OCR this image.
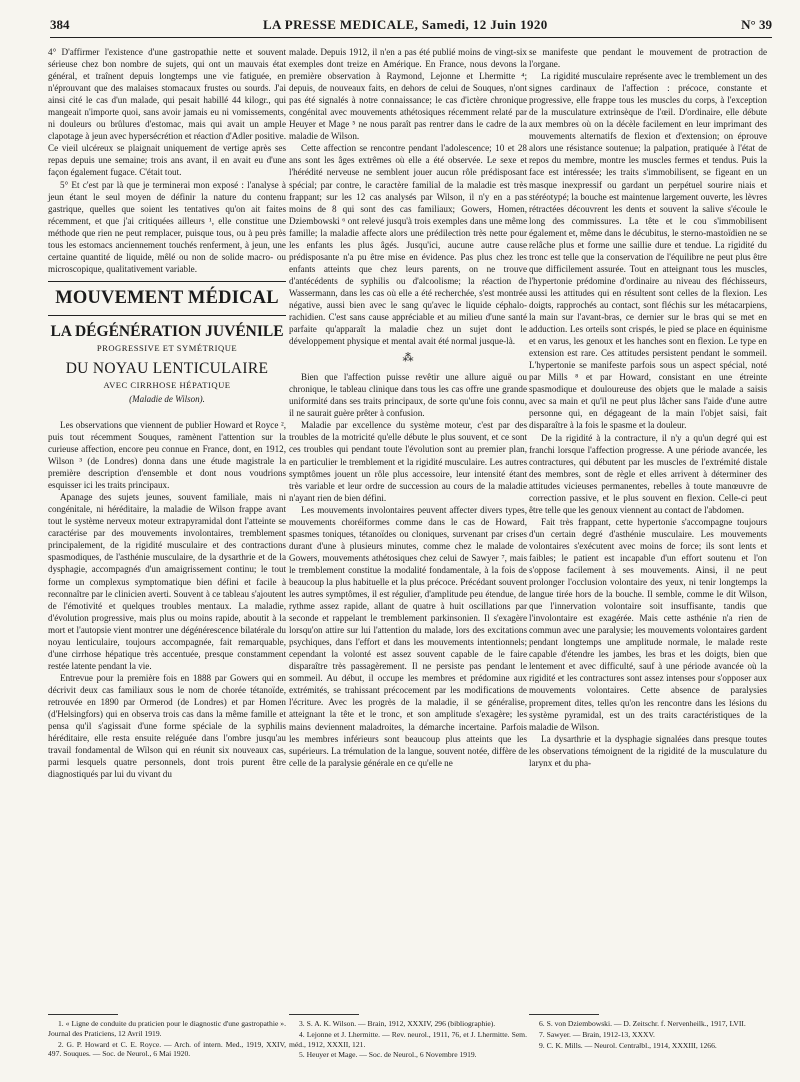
384	LA PRESSE MEDICALE, Samedi, 12 Juin 1920	N° 39

4° D'affirmer l'existence d'une gastropathie nette et souvent sérieuse chez bon nombre de sujets, qui ont un mauvais état général, et traînent depuis longtemps une vie fatiguée, en n'éprouvant que des malaises stomacaux frustes ou sourds. J'ai ainsi cité le cas d'un malade, qui pesait habillé 44 kilogr., qui mangeait n'importe quoi, sans avoir jamais eu ni vomissements, ni douleurs ou brûlures d'estomac, mais qui avait un ample clapotage à jeun avec hypersécrétion et réaction d'Adler positive. Ce vieil ulcéreux se plaignait uniquement de vertige après ses repas depuis une semaine; trois ans avant, il en avait eu d'une façon également fugace. C'était tout.

5° Et c'est par là que je terminerai mon exposé : l'analyse à jeun étant le seul moyen de définir la nature du contenu gastrique, quelles que soient les tentatives qu'on ait faites récemment, et que j'ai critiquées ailleurs ¹, elle constitue une méthode que rien ne peut remplacer, puisque tous, ou à peu près tous les estomacs anciennement touchés renferment, à jeun, une certaine quantité de liquide, mêlé ou non de solide macro- ou microscopique, qualitativement variable.

MOUVEMENT MÉDICAL
LA DÉGÉNÉRATION JUVÉNILE
PROGRESSIVE ET SYMÉTRIQUE
DU NOYAU LENTICULAIRE
AVEC CIRRHOSE HÉPATIQUE
(Maladie de Wilson).

Les observations que viennent de publier Howard et Royce ², puis tout récemment Souques, ramènent l'attention sur la curieuse affection, encore peu connue en France, dont, en 1912, Wilson ³ (de Londres) donna dans une étude magistrale la première description d'ensemble et dont nous voudrions esquisser ici les traits principaux.

Apanage des sujets jeunes, souvent familiale, mais ni congénitale, ni héréditaire, la maladie de Wilson frappe avant tout le système nerveux moteur extrapyramidal dont l'atteinte se caractérise par des mouvements involontaires, tremblement principalement, de la rigidité musculaire et des contractions spasmodiques, de l'asthénie musculaire, de la dysarthrie et de la dysphagie, accompagnés d'un amaigrissement continu; le tout forme un complexus symptomatique bien défini et facile à reconnaître par le clinicien averti. Souvent à ce tableau s'ajoutent de l'émotivité et quelques troubles mentaux. La maladie, d'évolution progressive, mais plus ou moins rapide, aboutit à la mort et l'autopsie vient montrer une dégénérescence bilatérale du noyau lenticulaire, toujours accompagnée, fait remarquable, d'une cirrhose hépatique très accentuée, presque constamment restée latente pendant la vie.

Entrevue pour la première fois en 1888 par Gowers qui en décrivit deux cas familiaux sous le nom de chorée tétanoïde, retrouvée en 1890 par Ormerod (de Londres) et par Homen (d'Helsingfors) qui en observa trois cas dans la même famille et pensa qu'il s'agissait d'une forme spéciale de la syphilis héréditaire, elle resta ensuite reléguée dans l'ombre jusqu'au travail fondamental de Wilson qui en réunit six nouveaux cas, parmi lesquels quatre personnels, dont trois purent être diagnostiqués par lui du vivant du

malade. Depuis 1912, il n'en a pas été publié moins de vingt-six exemples dont treize en Amérique. En France, nous devons la première observation à Raymond, Lejonne et Lhermitte ⁴; depuis, de nouveaux faits, en dehors de celui de Souques, n'ont pas été signalés à notre connaissance; le cas d'ictère chronique congénital avec mouvements athétosiques récemment relaté par Heuyer et Mage ⁵ ne nous paraît pas rentrer dans le cadre de la maladie de Wilson.

Cette affection se rencontre pendant l'adolescence; 10 et 28 ans sont les âges extrêmes où elle a été observée. Le sexe et l'hérédité nerveuse ne semblent jouer aucun rôle prédisposant spécial; par contre, le caractère familial de la maladie est très frappant; sur les 12 cas analysés par Wilson, il n'y en a pas moins de 8 qui sont des cas familiaux; Gowers, Homen, Dziembowski ⁶ ont relevé jusqu'à trois exemples dans une même famille; la maladie affecte alors une prédilection très nette pour les enfants les plus âgés. Jusqu'ici, aucune autre cause prédisposante n'a pu être mise en évidence. Pas plus chez les enfants atteints que chez leurs parents, on ne trouve d'antécédents de syphilis ou d'alcoolisme; la réaction de Wassermann, dans les cas où elle a été recherchée, s'est montrée négative, aussi bien avec le sang qu'avec le liquide céphalo-rachidien. C'est sans cause appréciable et au milieu d'une santé parfaite qu'apparaît la maladie chez un sujet dont le développement physique et mental avait été normal jusque-là.

⁂

Bien que l'affection puisse revêtir une allure aiguë ou chronique, le tableau clinique dans tous les cas offre une grande uniformité dans ses traits principaux, de sorte qu'une fois connu, il ne saurait guère prêter à confusion.

Maladie par excellence du système moteur, c'est par des troubles de la motricité qu'elle débute le plus souvent, et ce sont ces troubles qui pendant toute l'évolution sont au premier plan, en particulier le tremblement et la rigidité musculaire. Les autres symptômes jouent un rôle plus accessoire, leur intensité étant très variable et leur ordre de succession au cours de la maladie n'ayant rien de bien défini.

Les mouvements involontaires peuvent affecter divers types, mouvements choréiformes comme dans le cas de Howard, spasmes toniques, tétanoïdes ou cloniques, survenant par crises durant d'une à plusieurs minutes, comme chez le malade de Gowers, mouvements athétosiques chez celui de Sawyer ⁷, mais le tremblement constitue la modalité fondamentale, à la fois de beaucoup la plus habituelle et la plus précoce. Précédant souvent les autres symptômes, il est régulier, d'amplitude peu étendue, de rythme assez rapide, allant de quatre à huit oscillations par seconde et rappelant le tremblement parkinsonien. Il s'exagère lorsqu'on attire sur lui l'attention du malade, lors des excitations psychiques, dans l'effort et dans les mouvements intentionnels; cependant la volonté est assez souvent capable de le faire disparaître très passagèrement. Il ne persiste pas pendant le sommeil. Au début, il occupe les membres et prédomine aux extrémités, se trahissant précocement par les modifications de l'écriture. Avec les progrès de la maladie, il se généralise, atteignant la tête et le tronc, et son amplitude s'exagère; les mains deviennent maladroites, la démarche incertaine. Parfois les membres inférieurs sont beaucoup plus atteints que les supérieurs. La trémulation de la langue, souvent notée, diffère de celle de la paralysie générale en ce qu'elle ne

se manifeste que pendant le mouvement de protraction de l'organe.

La rigidité musculaire représente avec le tremblement un des signes cardinaux de l'affection : précoce, constante et progressive, elle frappe tous les muscles du corps, à l'exception de la musculature extrinsèque de l'œil. D'ordinaire, elle débute aux membres où on la décèle facilement en leur imprimant des mouvements alternatifs de flexion et d'extension; on éprouve alors une résistance soutenue; la palpation, pratiquée à l'état de repos du membre, montre les muscles fermes et tendus. Puis la face est intéressée; les traits s'immobilisent, se figeant en un masque inexpressif ou gardant un perpétuel sourire niais et stéréotypé; la bouche est maintenue largement ouverte, les lèvres rétractées découvrent les dents et souvent la salive s'écoule le long des commissures. La tête et le cou s'immobilisent également et, même dans le décubitus, le sterno-mastoïdien ne se relâche plus et forme une saillie dure et tendue. La rigidité du tronc est telle que la conservation de l'équilibre ne peut plus être que difficilement assurée. Tout en atteignant tous les muscles, l'hypertonie prédomine d'ordinaire au niveau des fléchisseurs, aussi les attitudes qui en résultent sont celles de la flexion. Les doigts, rapprochés au contact, sont fléchis sur les métacarpiens, la main sur l'avant-bras, ce dernier sur le bras qui se met en adduction. Les orteils sont crispés, le pied se place en équinisme et en varus, les genoux et les hanches sont en flexion. Le type en extension est rare. Ces attitudes persistent pendant le sommeil. L'hypertonie se manifeste parfois sous un aspect spécial, noté par Mills ⁸ et par Howard, consistant en une étreinte spasmodique et douloureuse des objets que le malade a saisis avec sa main et qu'il ne peut plus lâcher sans l'aide d'une autre personne qui, en dégageant de la main l'objet saisi, fait disparaître à la fois le spasme et la douleur.

De la rigidité à la contracture, il n'y a qu'un degré qui est franchi lorsque l'affection progresse. A une période avancée, les contractures, qui débutent par les muscles de l'extrémité distale des membres, sont de règle et elles arrivent à déterminer des attitudes vicieuses permanentes, rebelles à toute manœuvre de correction passive, et le plus souvent en flexion. Celle-ci peut être telle que les genoux viennent au contact de l'abdomen.

Fait très frappant, cette hypertonie s'accompagne toujours d'un certain degré d'asthénie musculaire. Les mouvements volontaires s'exécutent avec moins de force; ils sont lents et faibles; le patient est incapable d'un effort soutenu et l'on s'oppose facilement à ses mouvements. Ainsi, il ne peut prolonger l'occlusion volontaire des yeux, ni tenir longtemps la langue tirée hors de la bouche. Il semble, comme le dit Wilson, que l'innervation volontaire soit insuffisante, tandis que l'involontaire est exagérée. Mais cette asthénie n'a rien de commun avec une paralysie; les mouvements volontaires gardent pendant longtemps une amplitude normale, le malade reste capable d'étendre les jambes, les bras et les doigts, bien que lentement et avec difficulté, sauf à une période avancée où la rigidité et les contractures sont assez intenses pour s'opposer aux mouvements volontaires. Cette absence de paralysies proprement dites, telles qu'on les rencontre dans les lésions du système pyramidal, est un des traits caractéristiques de la maladie de Wilson.

La dysarthrie et la dysphagie signalées dans presque toutes les observations témoignent de la rigidité de la musculature du larynx et du pha-

1. « Ligne de conduite du praticien pour le diagnostic d'une gastropathie ». Journal des Praticiens, 12 Avril 1919.

2. G. P. Howard et C. E. Royce. — Arch. of intern. Med., 1919, XXIV, 497. Souques. — Soc. de Neurol., 6 Mai 1920.

3. S. A. K. Wilson. — Brain, 1912, XXXIV, 296 (bibliographie).

4. Lejonne et J. Lhermitte. — Rev. neurol., 1911, 76, et J. Lhermitte. Sem. méd., 1912, XXXII, 121.

5. Heuyer et Mage. — Soc. de Neurol., 6 Novembre 1919.

6. S. von Dziembowski. — D. Zeitschr. f. Nervenheilk., 1917, LVII.

7. Sawyer. — Brain, 1912-13, XXXV.

9. C. K. Mills. — Neurol. Centralbl., 1914, XXXIII, 1266.
